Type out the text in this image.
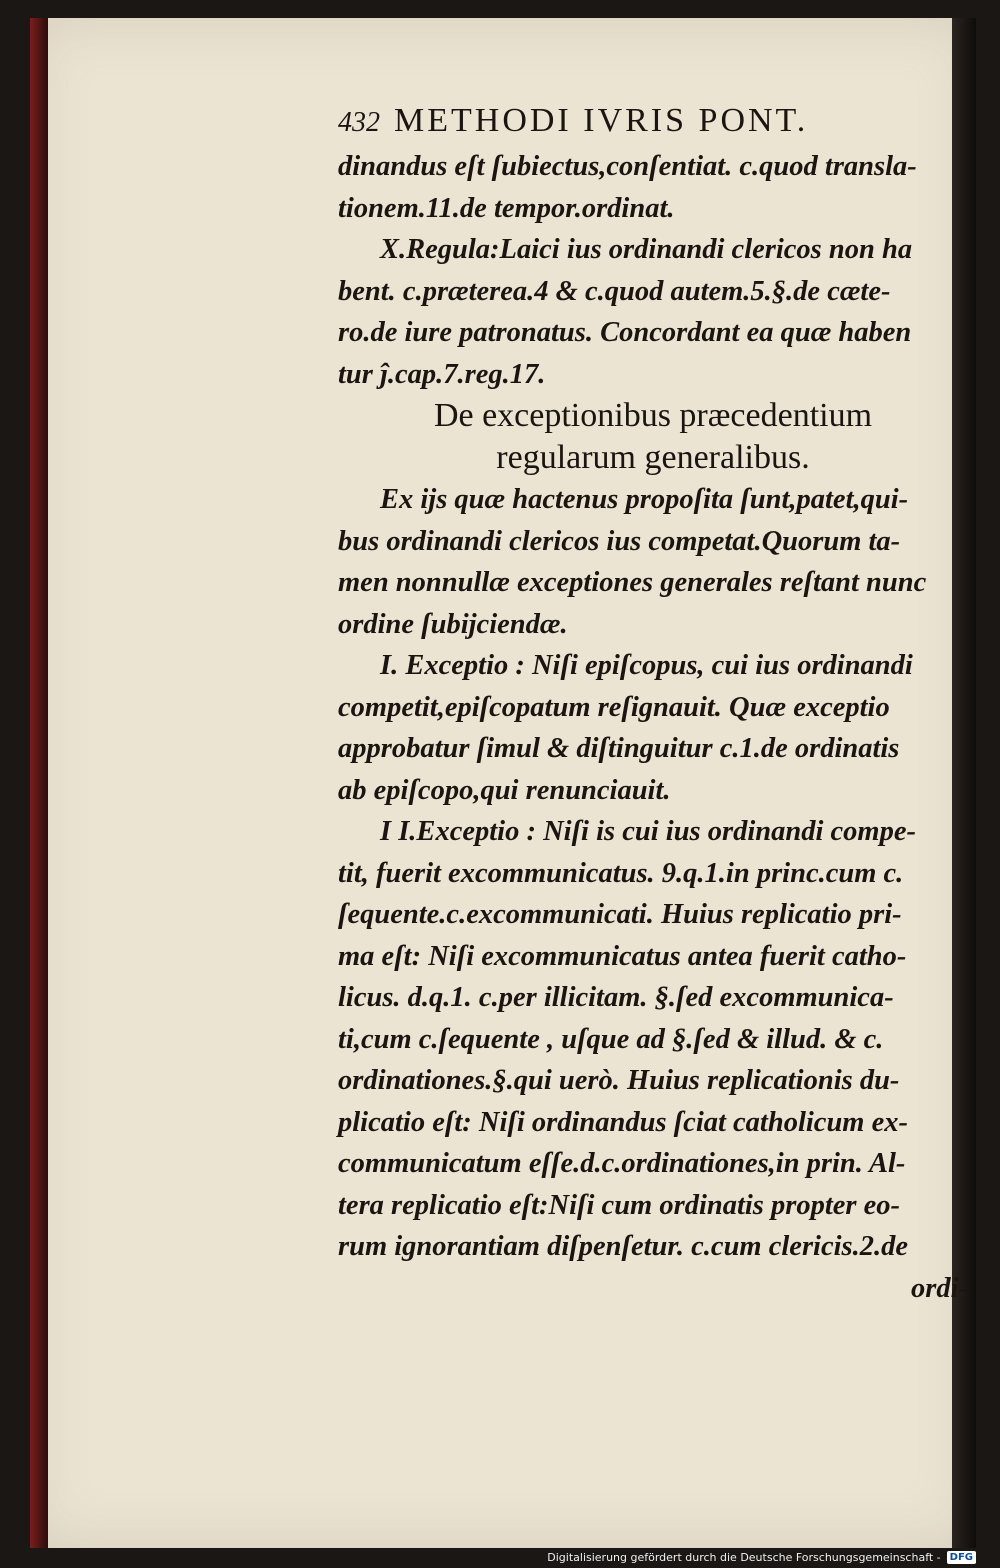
432 METHODI IVRIS PONT.
dinandus eſt ſubiectus,conſentiat. c.quod transla-
tionem.11.de tempor.ordinat.
X.Regula:Laici ius ordinandi clericos non ha
bent. c.præterea.4 & c.quod autem.5.§.de cæte-
ro.de iure patronatus. Concordant ea quæ haben
tur ĵ.cap.7.reg.17.
De exceptionibus præcedentium
regularum generalibus.
Ex ijs quæ hactenus propoſita ſunt,patet,qui-
bus ordinandi clericos ius competat.Quorum ta-
men nonnullæ exceptiones generales reſtant nunc
ordine ſubijciendæ.
I. Exceptio : Niſi epiſcopus, cui ius ordinandi
competit,epiſcopatum reſignauit. Quæ exceptio
approbatur ſimul & diſtinguitur c.1.de ordinatis
ab epiſcopo,qui renunciauit.
I I.Exceptio : Niſi is cui ius ordinandi compe-
tit, fuerit excommunicatus. 9.q.1.in princ.cum c.
ſequente.c.excommunicati. Huius replicatio pri-
ma eſt: Niſi excommunicatus antea fuerit catho-
licus. d.q.1. c.per illicitam. §.ſed excommunica-
ti,cum c.ſequente , uſque ad §.ſed & illud. & c.
ordinationes.§.qui uerò. Huius replicationis du-
plicatio eſt: Niſi ordinandus ſciat catholicum ex-
communicatum eſſe.d.c.ordinationes,in prin. Al-
tera replicatio eſt:Niſi cum ordinatis propter eo-
rum ignorantiam diſpenſetur. c.cum clericis.2.de
ordi-
Digitalisierung gefördert durch die Deutsche Forschungsgemeinschaft - DFG
